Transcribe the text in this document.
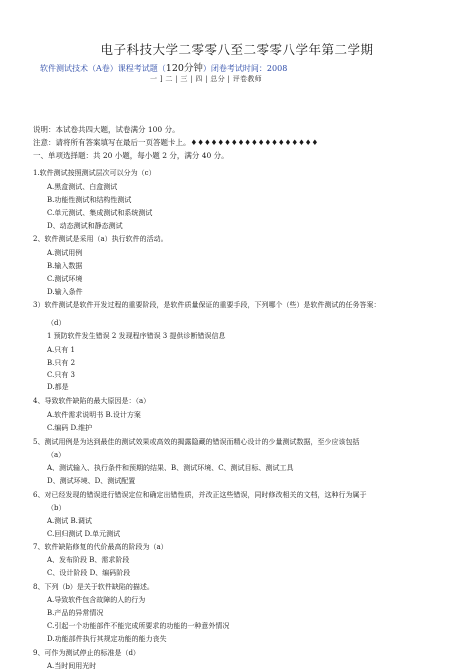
电子科技大学二零零八至二零零八学年第二学期
软件测试技术（A卷）课程考试题（120分钟）闭卷考试时间：2008
一 ] 二 | 三 | 四 | 总分 | 评卷教师
说明：本试卷共四大题，试卷满分 100 分。
注意：请将所有答案填写在最后一页答题卡上。♦♦♦♦♦♦♦♦♦♦♦♦♦♦♦♦♦♦♦
一、单项选择题：共 20 小题，每小题 2 分，满分 40 分。
1.软件测试按照测试层次可以分为（c）
A.黑盒测试、白盒测试
B.功能性测试和结构性测试
C.单元测试、集成测试和系统测试
D、动态测试和静态测试
2、软件测试是采用（a）执行软件的活动。
A.测试用例
B.输入数据
C.测试环境
D.输入条件
3）软件测试是软件开发过程的重要阶段，是软件质量保证的重要手段，下列哪个（些）是软件测试的任务答案：
（d）
1 预防软件发生错误 2 发现程序错误 3 提供诊断错误信息
A.只有 1
B.只有 2
C.只有 3
D.都是
4、导致软件缺陷的最大原因是：（a）
A.软件需求说明书 B.设计方案
C.编码 D.维护
5、测试用例是为达到最佳的测试效果或高效的揭露隐藏的错误而精心设计的少量测试数据，至少应该包括
（a）
A、测试输入、执行条件和预期的结果、B、测试环境、C、测试目标、测试工具
D、测试环境、D、测试配置
6、对已经发现的错误进行错误定位和确定出错性质，并改正这些错误，同时修改相关的文档，这种行为属于
（b）
A.测试 B.调试
C.回归测试 D.单元测试
7、软件缺陷修复的代价最高的阶段为（a）
A、发布阶段 B、需求阶段
C、设计阶段 D、编码阶段
8、下列（b）是关于软件缺陷的描述。
A.导致软件包含故障的人的行为
B.产品的异常情况
C.引起一个功能部件不能完成所要求的功能的一种意外情况
D.功能部件执行其规定功能的能力丧失
9、可作为测试停止的标准是（d）
A.当时间用光时
